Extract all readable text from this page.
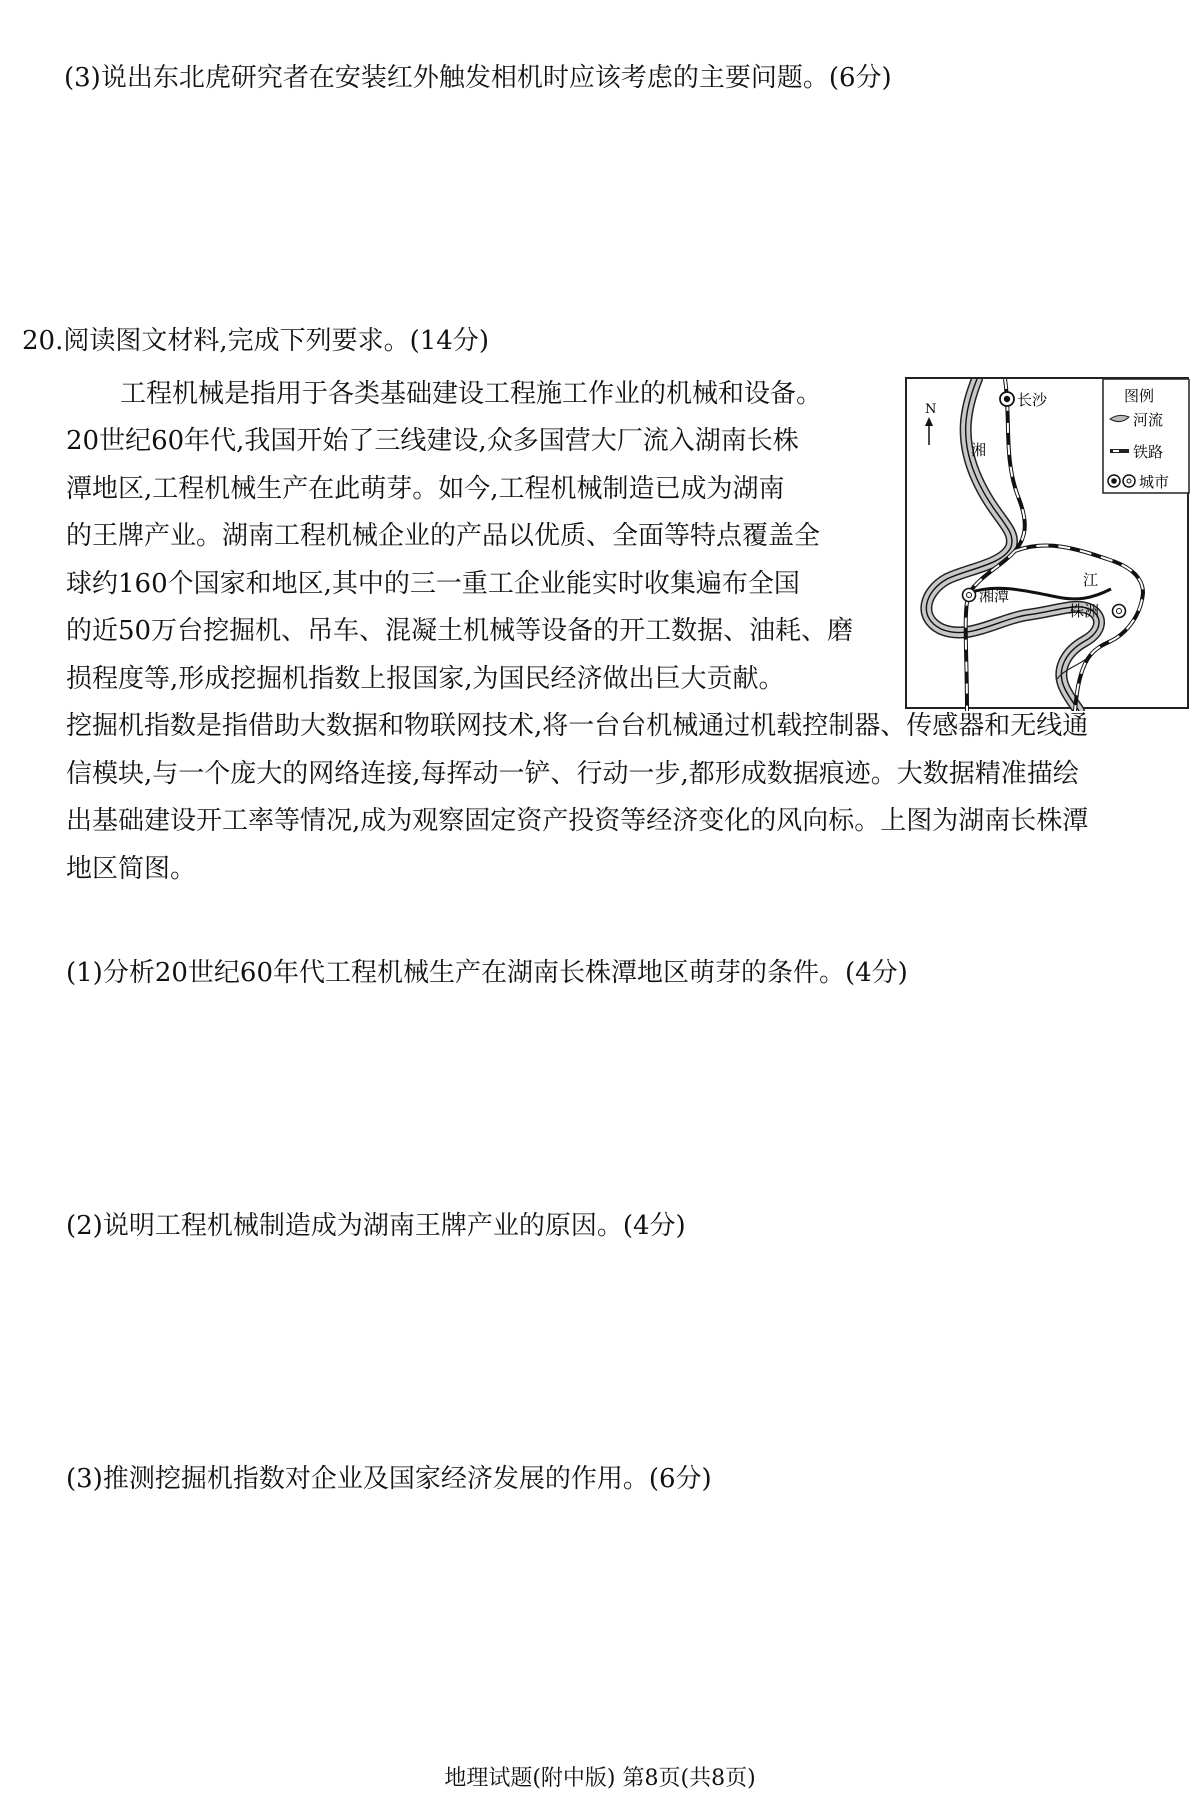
(3)说出东北虎研究者在安装红外触发相机时应该考虑的主要问题。(6分)
20.阅读图文材料,完成下列要求。(14分)
工程机械是指用于各类基础建设工程施工作业的机械和设备。
20世纪60年代,我国开始了三线建设,众多国营大厂流入湖南长株
潭地区,工程机械生产在此萌芽。如今,工程机械制造已成为湖南
的王牌产业。湖南工程机械企业的产品以优质、全面等特点覆盖全
球约160个国家和地区,其中的三一重工企业能实时收集遍布全国
的近50万台挖掘机、吊车、混凝土机械等设备的开工数据、油耗、磨
损程度等,形成挖掘机指数上报国家,为国民经济做出巨大贡献。
挖掘机指数是指借助大数据和物联网技术,将一台台机械通过机载控制器、传感器和无线通
信模块,与一个庞大的网络连接,每挥动一铲、行动一步,都形成数据痕迹。大数据精准描绘
出基础建设开工率等情况,成为观察固定资产投资等经济变化的风向标。上图为湖南长株潭
地区简图。
N
图例
河流
铁路
城市
长沙
湘潭
株洲
湘
江
(1)分析20世纪60年代工程机械生产在湖南长株潭地区萌芽的条件。(4分)
(2)说明工程机械制造成为湖南王牌产业的原因。(4分)
(3)推测挖掘机指数对企业及国家经济发展的作用。(6分)
地理试题(附中版) 第8页(共8页)
